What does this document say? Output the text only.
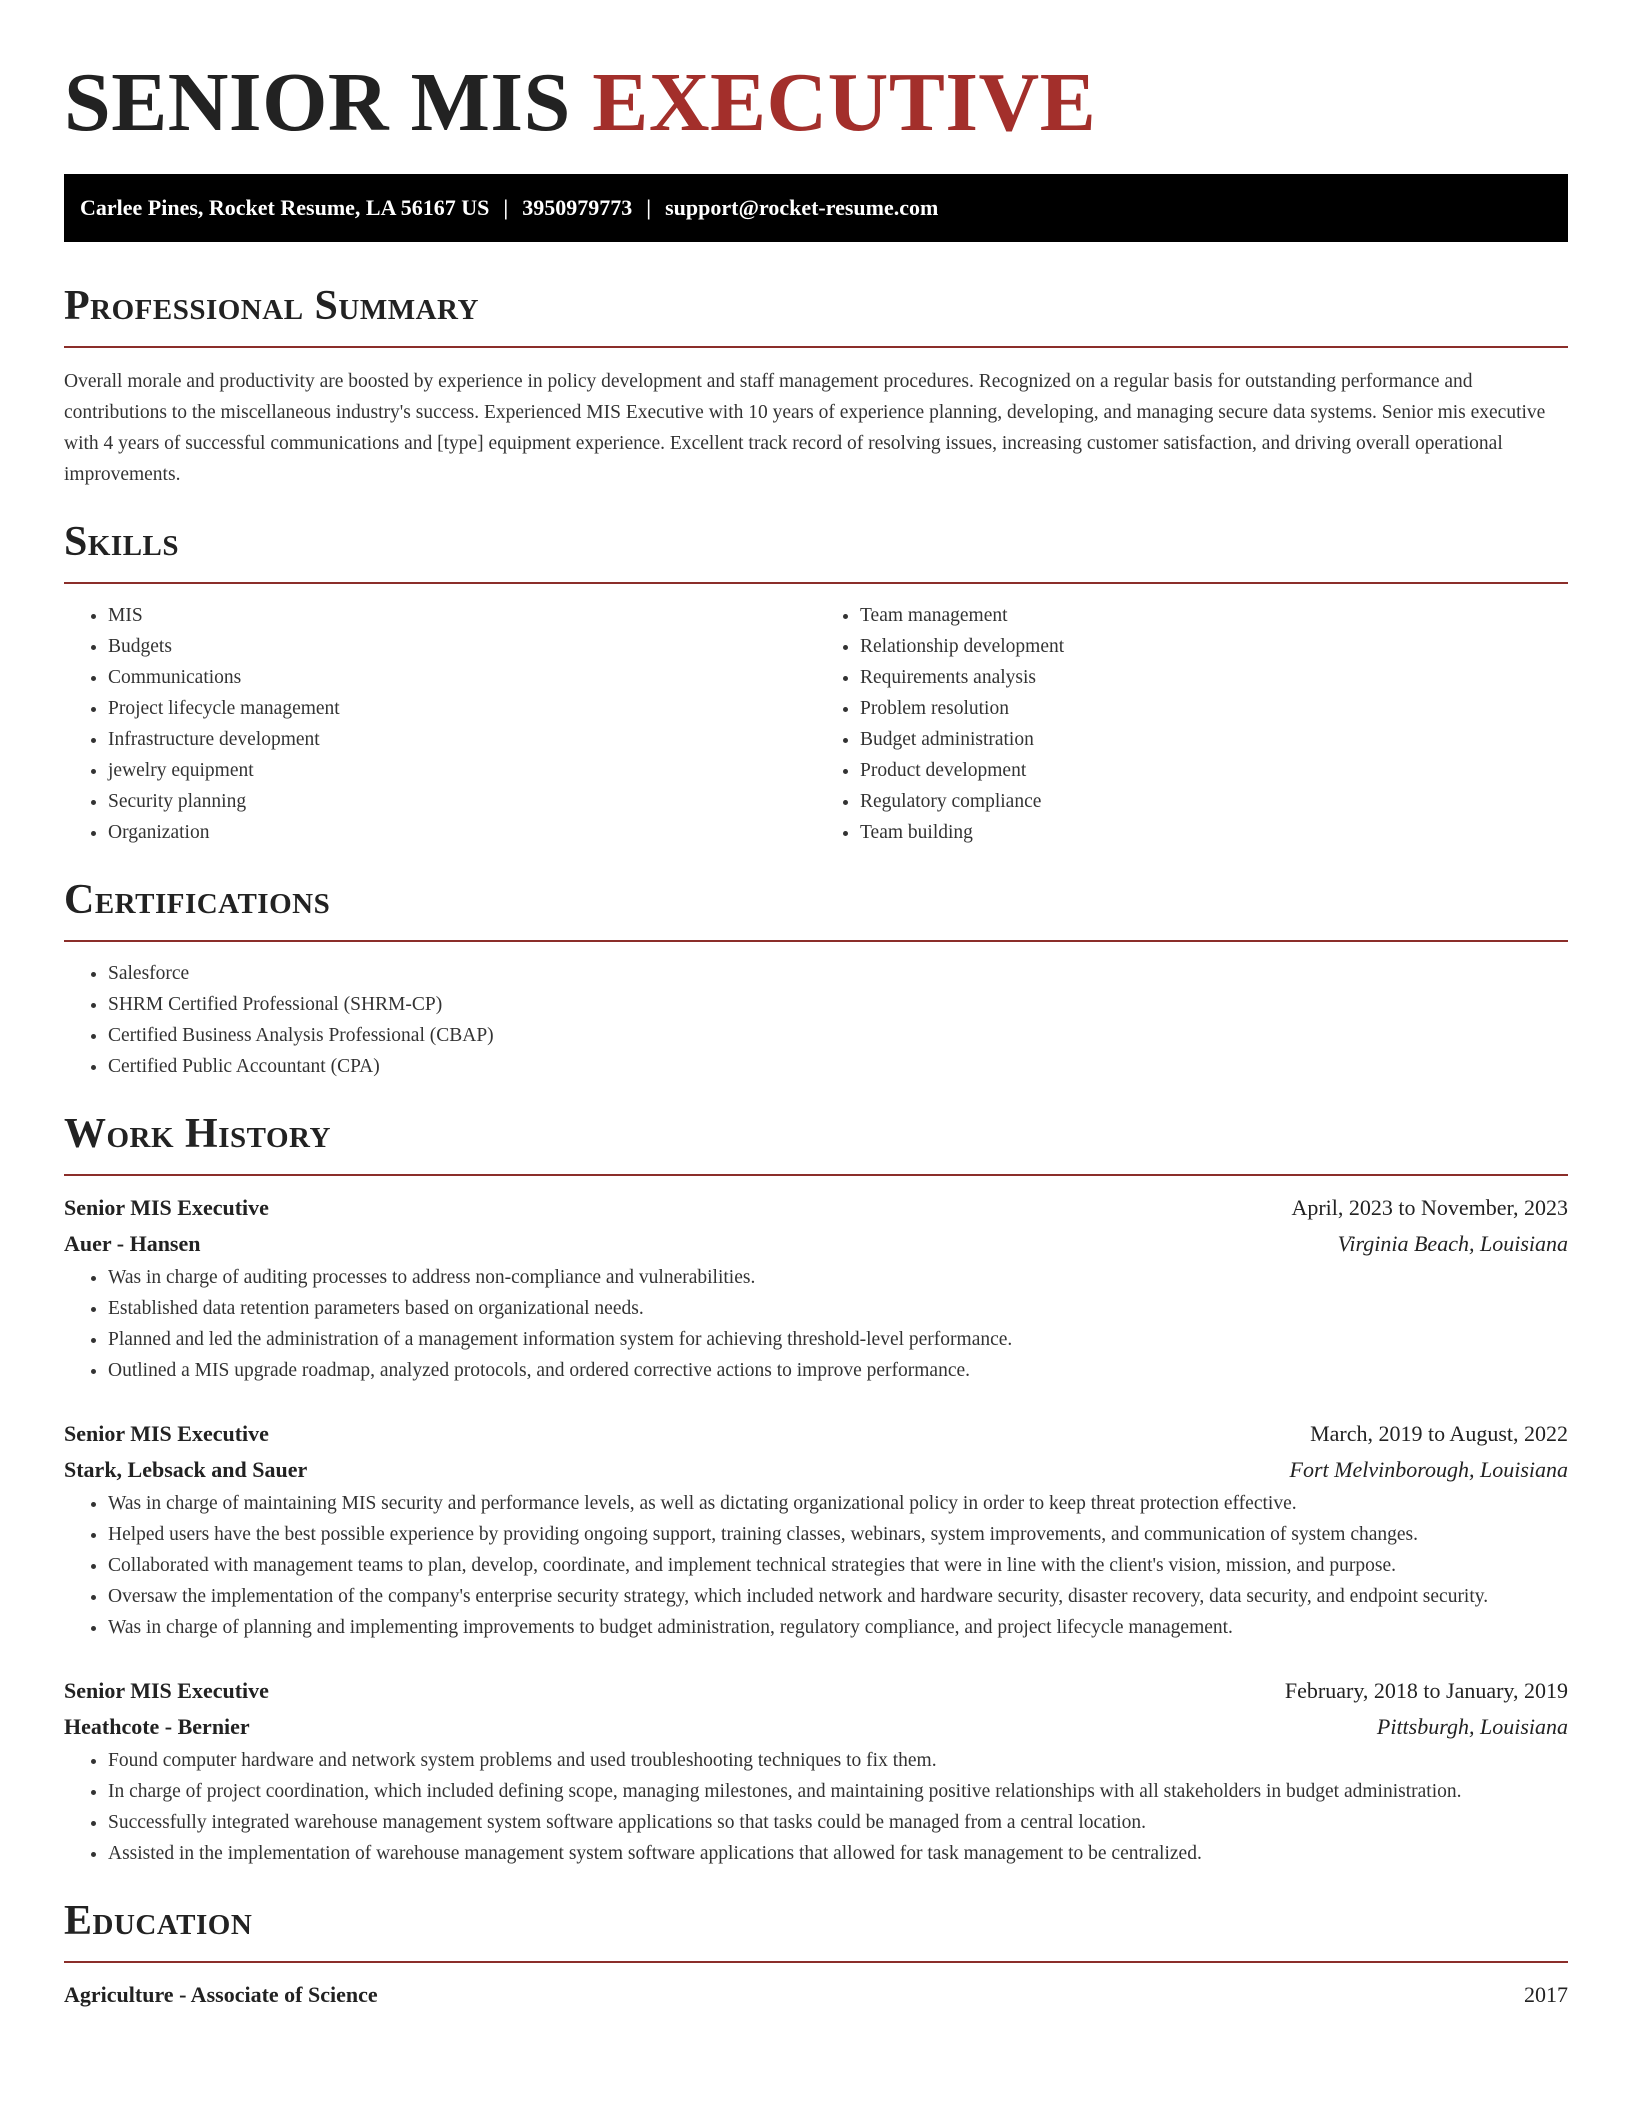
SENIOR MIS EXECUTIVE
Carlee Pines, Rocket Resume, LA 56167 US | 3950979773 | support@rocket-resume.com
Professional Summary

Overall morale and productivity are boosted by experience in policy development and staff management procedures. Recognized on a regular basis for outstanding performance and contributions to the miscellaneous industry's success. Experienced MIS Executive with 10 years of experience planning, developing, and managing secure data systems. Senior mis executive with 4 years of successful communications and [type] equipment experience. Excellent track record of resolving issues, increasing customer satisfaction, and driving overall operational improvements.

Skills
• MIS
• Budgets
• Communications
• Project lifecycle management
• Infrastructure development
• jewelry equipment
• Security planning
• Organization
• Team management
• Relationship development
• Requirements analysis
• Problem resolution
• Budget administration
• Product development
• Regulatory compliance
• Team building
Certifications
• Salesforce
• SHRM Certified Professional (SHRM-CP)
• Certified Business Analysis Professional (CBAP)
• Certified Public Accountant (CPA)
Work History
Senior MIS Executive	April, 2023 to November, 2023
Auer - Hansen	Virginia Beach, Louisiana
• Was in charge of auditing processes to address non-compliance and vulnerabilities.
• Established data retention parameters based on organizational needs.
• Planned and led the administration of a management information system for achieving threshold-level performance.
• Outlined a MIS upgrade roadmap, analyzed protocols, and ordered corrective actions to improve performance.
Senior MIS Executive	March, 2019 to August, 2022
Stark, Lebsack and Sauer	Fort Melvinborough, Louisiana
• Was in charge of maintaining MIS security and performance levels, as well as dictating organizational policy in order to keep threat protection effective.
• Helped users have the best possible experience by providing ongoing support, training classes, webinars, system improvements, and communication of system changes.
• Collaborated with management teams to plan, develop, coordinate, and implement technical strategies that were in line with the client's vision, mission, and purpose.
• Oversaw the implementation of the company's enterprise security strategy, which included network and hardware security, disaster recovery, data security, and endpoint security.
• Was in charge of planning and implementing improvements to budget administration, regulatory compliance, and project lifecycle management.
Senior MIS Executive	February, 2018 to January, 2019
Heathcote - Bernier	Pittsburgh, Louisiana
• Found computer hardware and network system problems and used troubleshooting techniques to fix them.
• In charge of project coordination, which included defining scope, managing milestones, and maintaining positive relationships with all stakeholders in budget administration.
• Successfully integrated warehouse management system software applications so that tasks could be managed from a central location.
• Assisted in the implementation of warehouse management system software applications that allowed for task management to be centralized.
Education
Agriculture - Associate of Science	2017
